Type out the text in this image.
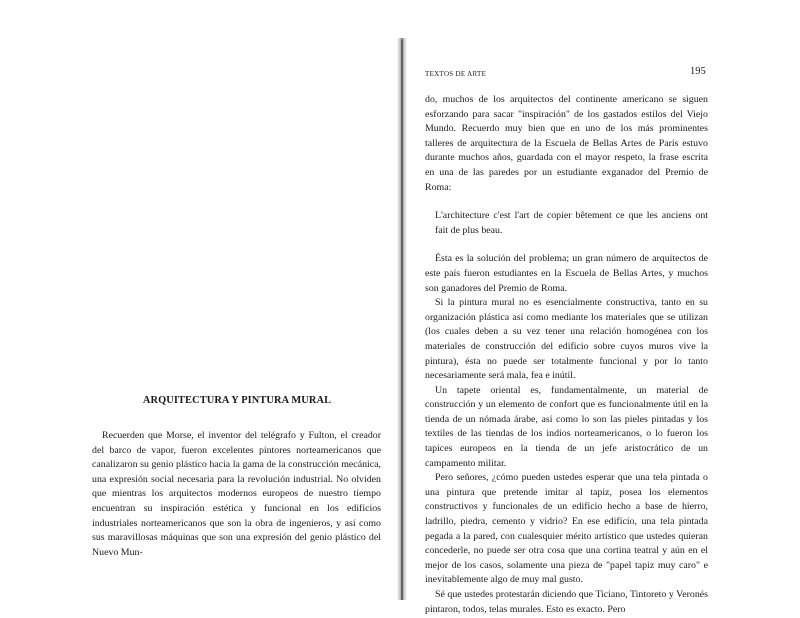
ARQUITECTURA Y PINTURA MURAL

Recuerden que Morse, el inventor del telégrafo y Fulton, el creador del barco de vapor, fueron excelentes pintores norteamericanos que canalizaron su genio plástico hacia la gama de la construcción mecánica, una expresión social necesaria para la revolución industrial. No olviden que mientras los arquitectos modernos europeos de nuestro tiempo encuentran su inspiración estética y funcional en los edificios industriales norteamericanos que son la obra de ingenieros, y así como sus maravillosas máquinas que son una expresión del genio plástico del Nuevo Mun-

TEXTOS DE ARTE	195

do, muchos de los arquitectos del continente americano se siguen esforzando para sacar "inspiración" de los gastados estilos del Viejo Mundo. Recuerdo muy bien que en uno de los más prominentes talleres de arquitectura de la Escuela de Bellas Artes de París estuvo durante muchos años, guardada con el mayor respeto, la frase escrita en una de las paredes por un estudiante exganador del Premio de Roma:

L'architecture c'est l'art de copier bêtement ce que les anciens ont fait de plus beau.

Ésta es la solución del problema; un gran número de arquitectos de este país fueron estudiantes en la Escuela de Bellas Artes, y muchos son ganadores del Premio de Roma.

Si la pintura mural no es esencialmente constructiva, tanto en su organización plástica así como mediante los materiales que se utilizan (los cuales deben a su vez tener una relación homogénea con los materiales de construcción del edificio sobre cuyos muros vive la pintura), ésta no puede ser totalmente funcional y por lo tanto necesariamente será mala, fea e inútil.

Un tapete oriental es, fundamentalmente, un material de construcción y un elemento de confort que es funcionalmente útil en la tienda de un nómada árabe, así como lo son las pieles pintadas y los textiles de las tiendas de los indios norteamericanos, o lo fueron los tapices europeos en la tienda de un jefe aristocrático de un campamento militar.

Pero señores, ¿cómo pueden ustedes esperar que una tela pintada o una pintura que pretende imitar al tapiz, posea los elementos constructivos y funcionales de un edificio hecho a base de hierro, ladrillo, piedra, cemento y vidrio? En ese edificio, una tela pintada pegada a la pared, con cualesquier mérito artístico que ustedes quieran concederle, no puede ser otra cosa que una cortina teatral y aún en el mejor de los casos, solamente una pieza de "papel tapiz muy caro" e inevitablemente algo de muy mal gusto.

Sé que ustedes protestarán diciendo que Ticiano, Tintoreto y Veronés pintaron, todos, telas murales. Esto es exacto. Pero
